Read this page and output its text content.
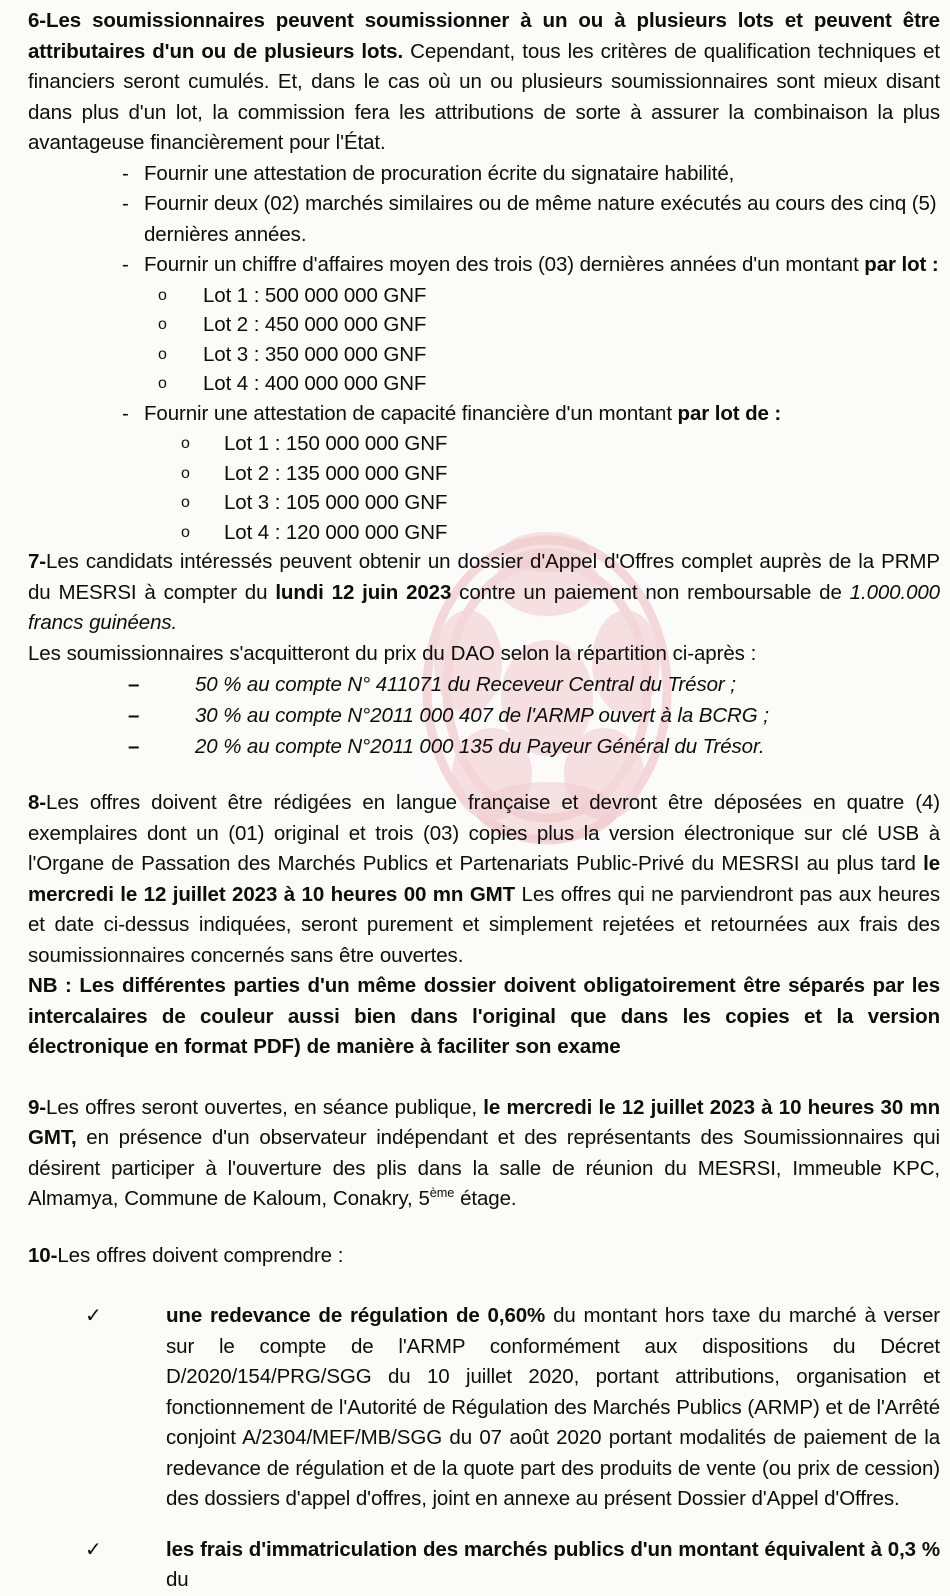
6-Les soumissionnaires peuvent soumissionner à un ou à plusieurs lots et peuvent être attributaires d'un ou de plusieurs lots. Cependant, tous les critères de qualification techniques et financiers seront cumulés. Et, dans le cas où un ou plusieurs soumissionnaires sont mieux disant dans plus d'un lot, la commission fera les attributions de sorte à assurer la combinaison la plus avantageuse financièrement pour l'État.

- Fournir une attestation de procuration écrite du signataire habilité,
- Fournir deux (02) marchés similaires ou de même nature exécutés au cours des cinq (5) dernières années.
- Fournir un chiffre d'affaires moyen des trois (03) dernières années d'un montant par lot :
o Lot 1 : 500 000 000 GNF
o Lot 2 : 450 000 000 GNF
o Lot 3 : 350 000 000 GNF
o Lot 4 : 400 000 000 GNF
- Fournir une attestation de capacité financière d'un montant par lot de :
o Lot 1 : 150 000 000 GNF
o Lot 2 : 135 000 000 GNF
o Lot 3 : 105 000 000 GNF
o Lot 4 : 120 000 000 GNF

7-Les candidats intéressés peuvent obtenir un dossier d'Appel d'Offres complet auprès de la PRMP du MESRSI à compter du lundi 12 juin 2023 contre un paiement non remboursable de 1.000.000 francs guinéens.

Les soumissionnaires s'acquitteront du prix du DAO selon la répartition ci-après :

–	50 % au compte N° 411071 du Receveur Central du Trésor ;
–	30 % au compte N°2011 000 407 de l'ARMP ouvert à la BCRG ;
–	20 % au compte N°2011 000 135 du Payeur Général du Trésor.

8-Les offres doivent être rédigées en langue française et devront être déposées en quatre (4) exemplaires dont un (01) original et trois (03) copies plus la version électronique sur clé USB à l'Organe de Passation des Marchés Publics et Partenariats Public-Privé du MESRSI au plus tard le mercredi le 12 juillet 2023 à 10 heures 00 mn GMT Les offres qui ne parviendront pas aux heures et date ci-dessus indiquées, seront purement et simplement rejetées et retournées aux frais des soumissionnaires concernés sans être ouvertes.

NB : Les différentes parties d'un même dossier doivent obligatoirement être séparés par les intercalaires de couleur aussi bien dans l'original que dans les copies et la version électronique en format PDF) de manière à faciliter son exame

9-Les offres seront ouvertes, en séance publique, le mercredi le 12 juillet 2023 à 10 heures 30 mn GMT, en présence d'un observateur indépendant et des représentants des Soumissionnaires qui désirent participer à l'ouverture des plis dans la salle de réunion du MESRSI, Immeuble KPC, Almamya, Commune de Kaloum, Conakry, 5ème étage.

10-Les offres doivent comprendre :

✓	une redevance de régulation de 0,60% du montant hors taxe du marché à verser sur le compte de l'ARMP conformément aux dispositions du Décret D/2020/154/PRG/SGG du 10 juillet 2020, portant attributions, organisation et fonctionnement de l'Autorité de Régulation des Marchés Publics (ARMP) et de l'Arrêté conjoint A/2304/MEF/MB/SGG du 07 août 2020 portant modalités de paiement de la redevance de régulation et de la quote part des produits de vente (ou prix de cession) des dossiers d'appel d'offres, joint en annexe au présent Dossier d'Appel d'Offres.
✓	les frais d'immatriculation des marchés publics d'un montant équivalent à 0,3 % du
